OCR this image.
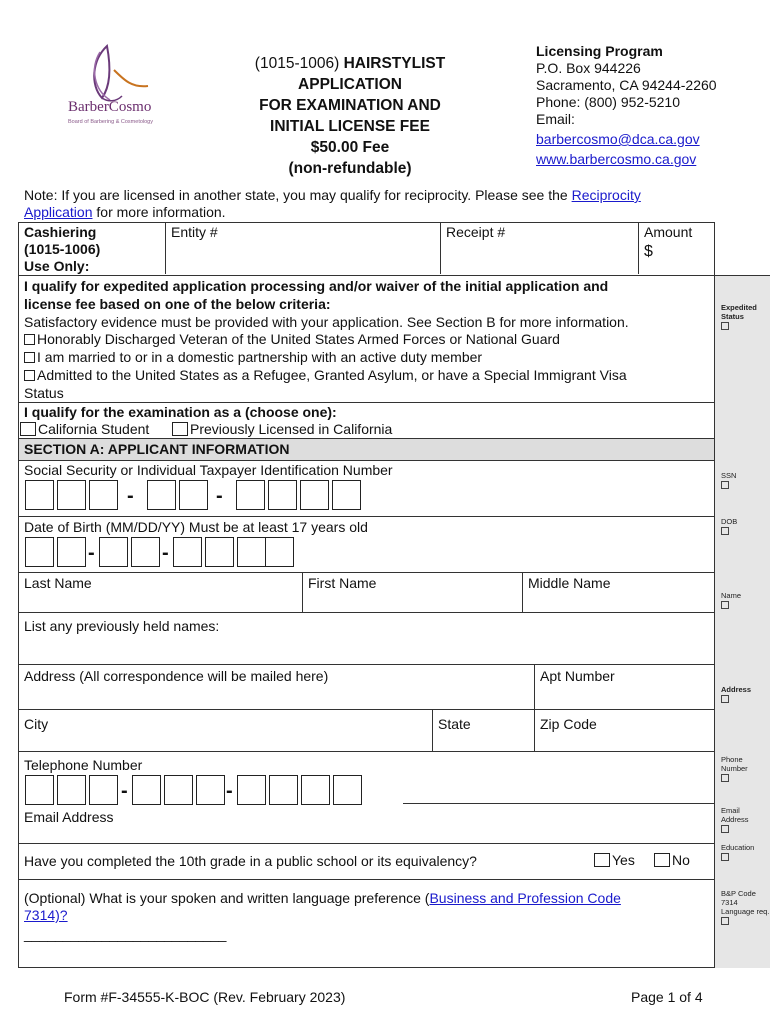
BarberCosmo
Board of Barbering & Cosmetology
(1015-1006) HAIRSTYLIST
APPLICATION
FOR EXAMINATION AND
INITIAL LICENSE FEE
$50.00 Fee
(non-refundable)
Licensing Program
P.O. Box 944226
Sacramento, CA 94244-2260
Phone: (800) 952-5210
Email:
barbercosmo@dca.ca.gov
www.barbercosmo.ca.gov
Note: If you are licensed in another state, you may qualify for reciprocity. Please see the Reciprocity
Application for more information.
Cashiering
(1015-1006)
Use Only:
Entity #	Receipt #	Amount
$
I qualify for expedited application processing and/or waiver of the initial application and
license fee based on one of the below criteria:
Satisfactory evidence must be provided with your application. See Section B for more information.
Honorably Discharged Veteran of the United States Armed Forces or National Guard
I am married to or in a domestic partnership with an active duty member
Admitted to the United States as a Refugee, Granted Asylum, or have a Special Immigrant Visa
Status
I qualify for the examination as a (choose one):
California Student	Previously Licensed in California
SECTION A: APPLICANT INFORMATION
Social Security or Individual Taxpayer Identification Number
-	-
Date of Birth (MM/DD/YY) Must be at least 17 years old
-	-
Last Name	First Name	Middle Name
List any previously held names:
Address (All correspondence will be mailed here)	Apt Number
City	State	Zip Code
Telephone Number
-	-
Email Address
Have you completed the 10th grade in a public school or its equivalency?	Yes	No
(Optional) What is your spoken and written language preference (Business and Profession Code
7314)?
__________________________
Expedited
Status
SSN
DOB
Name
Address
Phone
Number
Email
Address
Education
B&P Code
7314
Language req.
Form #F-34555-K-BOC (Rev. February 2023)	Page 1 of 4
